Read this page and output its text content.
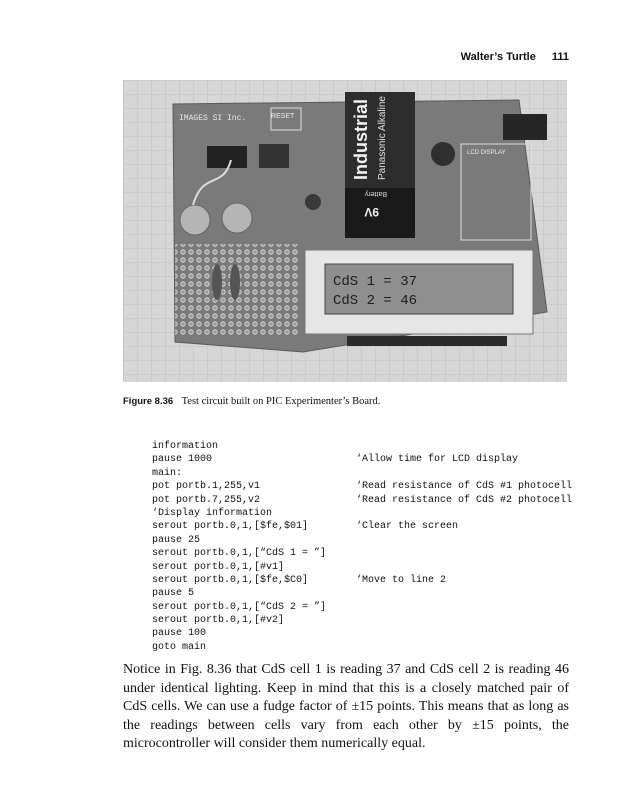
Walter’s Turtle 111
IMAGES SI Inc.	RESET	Industrial Panasonic Alkaline
9V
Battery
LCD DISPLAY
CdS 1 = 37
CdS 2 = 46
Figure 8.36 Test circuit built on PIC Experimenter’s Board.
information
pause 1000	‘Allow time for LCD display
main:
pot portb.1,255,v1	‘Read resistance of CdS #1 photocell
pot portb.7,255,v2	‘Read resistance of CdS #2 photocell
‘Display information
serout portb.0,1,[$fe,$01]	‘Clear the screen
pause 25
serout portb.0,1,[“CdS 1 = ”]
serout portb.0,1,[#v1]
serout portb.0,1,[$fe,$C0]	‘Move to line 2
pause 5
serout portb.0,1,[“CdS 2 = ”]
serout portb.0,1,[#v2]
pause 100
goto main
Notice in Fig. 8.36 that CdS cell 1 is reading 37 and CdS cell 2 is reading 46 under identical lighting. Keep in mind that this is a closely matched pair of CdS cells. We can use a fudge factor of ±15 points. This means that as long as the readings between cells vary from each other by ±15 points, the microcontroller will consider them numerically equal.
